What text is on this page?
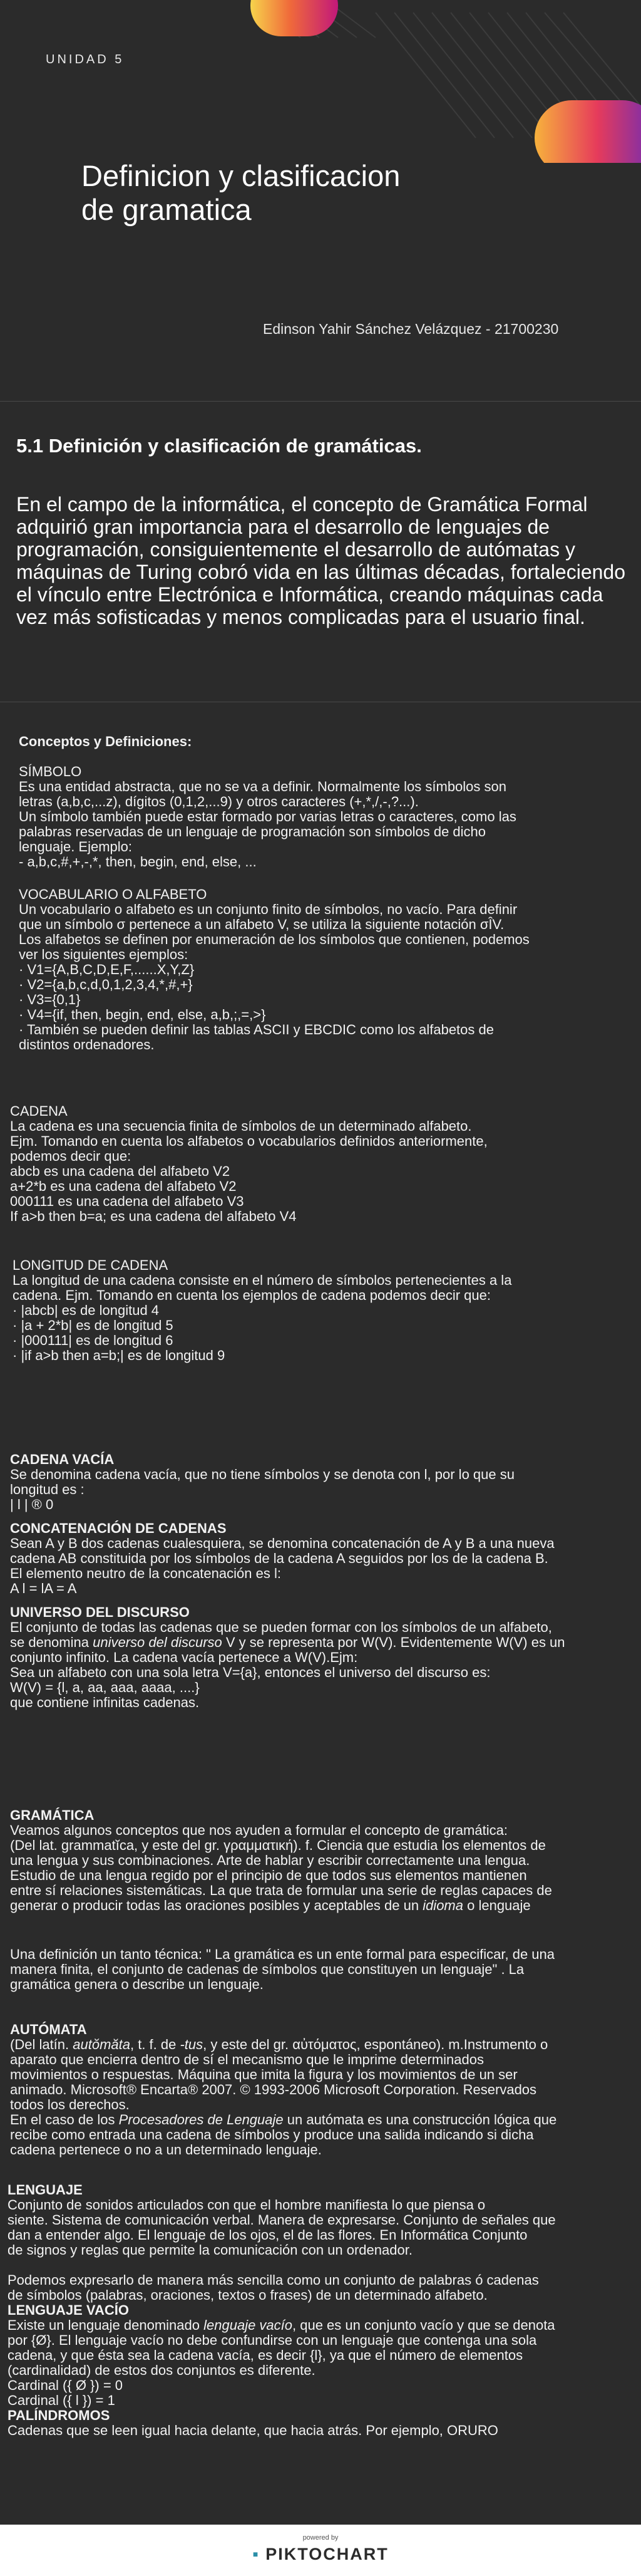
UNIDAD 5
Definicion y clasificacion
de gramatica
Edinson Yahir Sánchez Velázquez - 21700230
5.1 Definición y clasificación de gramáticas.
En el campo de la informática, el concepto de Gramática Formal adquirió gran importancia para el desarrollo de lenguajes de programación, consiguientemente el desarrollo de autómatas y máquinas de Turing cobró vida en las últimas décadas, fortaleciendo el vínculo entre Electrónica e Informática, creando máquinas cada vez más sofisticadas y menos complicadas para el usuario final.

Conceptos y Definiciones:

SÍMBOLO

Es una entidad abstracta, que no se va a definir. Normalmente los símbolos son

letras (a,b,c,...z), dígitos (0,1,2,...9) y otros caracteres (+,*,/,-,?...).

Un símbolo también puede estar formado por varias letras o caracteres, como las

palabras reservadas de un lenguaje de programación son símbolos de dicho

lenguaje. Ejemplo:

- a,b,c,#,+,-,*, then, begin, end, else, ...

VOCABULARIO O ALFABETO

Un vocabulario o alfabeto es un conjunto finito de símbolos, no vacío. Para definir

que un símbolo σ pertenece a un alfabeto V, se utiliza la siguiente notación σÎV.

Los alfabetos se definen por enumeración de los símbolos que contienen, podemos

ver los siguientes ejemplos:

· V1={A,B,C,D,E,F,......X,Y,Z}

· V2={a,b,c,d,0,1,2,3,4,*,#,+}

· V3={0,1}

· V4={if, then, begin, end, else, a,b,;,=,>}

· También se pueden definir las tablas ASCII y EBCDIC como los alfabetos de

distintos ordenadores.

CADENA

La cadena es una secuencia finita de símbolos de un determinado alfabeto.

Ejm. Tomando en cuenta los alfabetos o vocabularios definidos anteriormente,

podemos decir que:

abcb es una cadena del alfabeto V2

a+2*b es una cadena del alfabeto V2

000111 es una cadena del alfabeto V3

If a>b then b=a; es una cadena del alfabeto V4

LONGITUD DE CADENA

La longitud de una cadena consiste en el número de símbolos pertenecientes a la

cadena. Ejm. Tomando en cuenta los ejemplos de cadena podemos decir que:

· |abcb| es de longitud 4

· |a + 2*b| es de longitud 5

· |000111| es de longitud 6

· |if a>b then a=b;| es de longitud 9

CADENA VACÍA

Se denomina cadena vacía, que no tiene símbolos y se denota con l, por lo que su

longitud es :

| l | ® 0

CONCATENACIÓN DE CADENAS

Sean A y B dos cadenas cualesquiera, se denomina concatenación de A y B a una nueva

cadena AB constituida por los símbolos de la cadena A seguidos por los de la cadena B.

El elemento neutro de la concatenación es l:

A l = lA = A

UNIVERSO DEL DISCURSO

El conjunto de todas las cadenas que se pueden formar con los símbolos de un alfabeto,

se denomina universo del discurso V y se representa por W(V). Evidentemente W(V) es un

conjunto infinito. La cadena vacía pertenece a W(V).Ejm:

Sea un alfabeto con una sola letra V={a}, entonces el universo del discurso es:

W(V) = {l, a, aa, aaa, aaaa, ....}

que contiene infinitas cadenas.

GRAMÁTICA

Veamos algunos conceptos que nos ayuden a formular el concepto de gramática:

(Del lat. grammatĭca, y este del gr. γραμματική). f. Ciencia que estudia los elementos de

una lengua y sus combinaciones. Arte de hablar y escribir correctamente una lengua.

Estudio de una lengua regido por el principio de que todos sus elementos mantienen

entre sí relaciones sistemáticas. La que trata de formular una serie de reglas capaces de

generar o producir todas las oraciones posibles y aceptables de un idioma o lenguaje

Una definición un tanto técnica: " La gramática es un ente formal para especificar, de una

manera finita, el conjunto de cadenas de símbolos que constituyen un lenguaje" . La

gramática genera o describe un lenguaje.

AUTÓMATA

(Del latín. autŏmăta, t. f. de -tus, y este del gr. αὐτόματος, espontáneo). m.Instrumento o

aparato que encierra dentro de sí el mecanismo que le imprime determinados

movimientos o respuestas. Máquina que imita la figura y los movimientos de un ser

animado. Microsoft® Encarta® 2007. © 1993-2006 Microsoft Corporation. Reservados

todos los derechos.

En el caso de los Procesadores de Lenguaje un autómata es una construcción lógica que

recibe como entrada una cadena de símbolos y produce una salida indicando si dicha

cadena pertenece o no a un determinado lenguaje.

LENGUAJE

Conjunto de sonidos articulados con que el hombre manifiesta lo que piensa o

siente. Sistema de comunicación verbal. Manera de expresarse. Conjunto de señales que

dan a entender algo. El lenguaje de los ojos, el de las flores. En Informática Conjunto

de signos y reglas que permite la comunicación con un ordenador.

Podemos expresarlo de manera más sencilla como un conjunto de palabras ó cadenas

de símbolos (palabras, oraciones, textos o frases) de un determinado alfabeto.

LENGUAJE VACÍO

Existe un lenguaje denominado lenguaje vacío, que es un conjunto vacío y que se denota

por {Ø}. El lenguaje vacío no debe confundirse con un lenguaje que contenga una sola

cadena, y que ésta sea la cadena vacía, es decir {l}, ya que el número de elementos

(cardinalidad) de estos dos conjuntos es diferente.

Cardinal ({ Ø }) = 0

Cardinal ({ l }) = 1

PALÍNDROMOS

Cadenas que se leen igual hacia delante, que hacia atrás. Por ejemplo, ORURO

powered by
▪ PIKTOCHART
